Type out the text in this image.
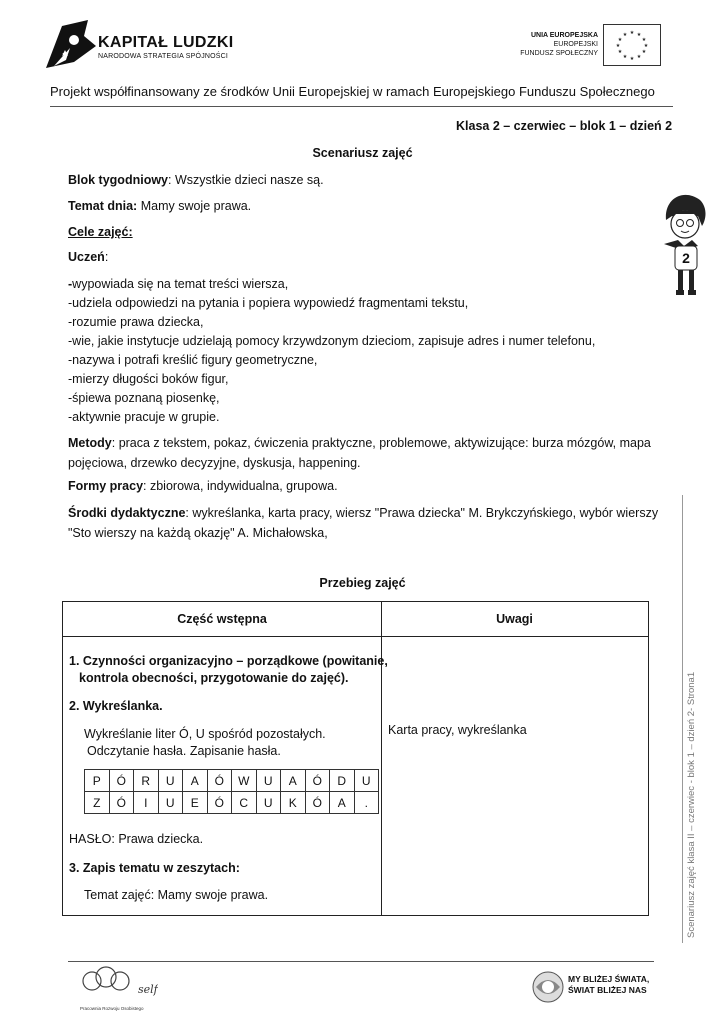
KAPITAŁ LUDZKI
NARODOWA STRATEGIA SPÓJNOŚCI
UNIA EUROPEJSKA
EUROPEJSKI
FUNDUSZ SPOŁECZNY
★ ★
★
★
★
★
★
★
★
★
★
★
Projekt współfinansowany ze środków Unii Europejskiej w ramach Europejskiego Funduszu Społecznego
Klasa 2 – czerwiec – blok 1 – dzień 2
Scenariusz zajęć
Blok tygodniowy: Wszystkie dzieci nasze są.
Temat dnia: Mamy swoje prawa.
Cele zajęć:
Uczeń:
-wypowiada się na temat treści wiersza,
-udziela odpowiedzi na pytania i popiera wypowiedź fragmentami tekstu,
-rozumie prawa dziecka,
-wie, jakie instytucje udzielają pomocy krzywdzonym dzieciom, zapisuje adres i numer telefonu,
-nazywa i potrafi kreślić figury geometryczne,
-mierzy długości boków figur,
-śpiewa poznaną piosenkę,
-aktywnie pracuje w grupie.
Metody: praca z tekstem, pokaz, ćwiczenia praktyczne, problemowe, aktywizujące: burza mózgów, mapa
pojęciowa, drzewko decyzyjne, dyskusja, happening.
Formy pracy: zbiorowa, indywidualna, grupowa.
Środki dydaktyczne: wykreślanka, karta pracy, wiersz "Prawa dziecka" M. Brykczyńskiego, wybór wierszy
"Sto wierszy na każdą okazję" A. Michałowska,
Przebieg zajęć
2
Część wstępna	Uwagi
1. Czynności organizacyjno – porządkowe (powitanie,
kontrola obecności, przygotowanie do zajęć).
2. Wykreślanka.
Wykreślanie liter Ó, U spośród pozostałych.
Odczytanie hasła. Zapisanie hasła.
HASŁO: Prawa dziecka.
3. Zapis tematu w zeszytach:
Temat zajęć: Mamy swoje prawa.
Karta pracy, wykreślanka
P	Ó	R	U	A	Ó	W	U	A	Ó	D	U
Z	Ó	I	U	E	Ó	C	U	K	Ó	A	.	Scenariusz zajęć klasa II – czerwiec - blok 1 – dzień 2- Strona1
self
Pracownia Rozwoju Osobistego
MY BLIŻEJ ŚWIATA,
ŚWIAT BLIŻEJ NAS
